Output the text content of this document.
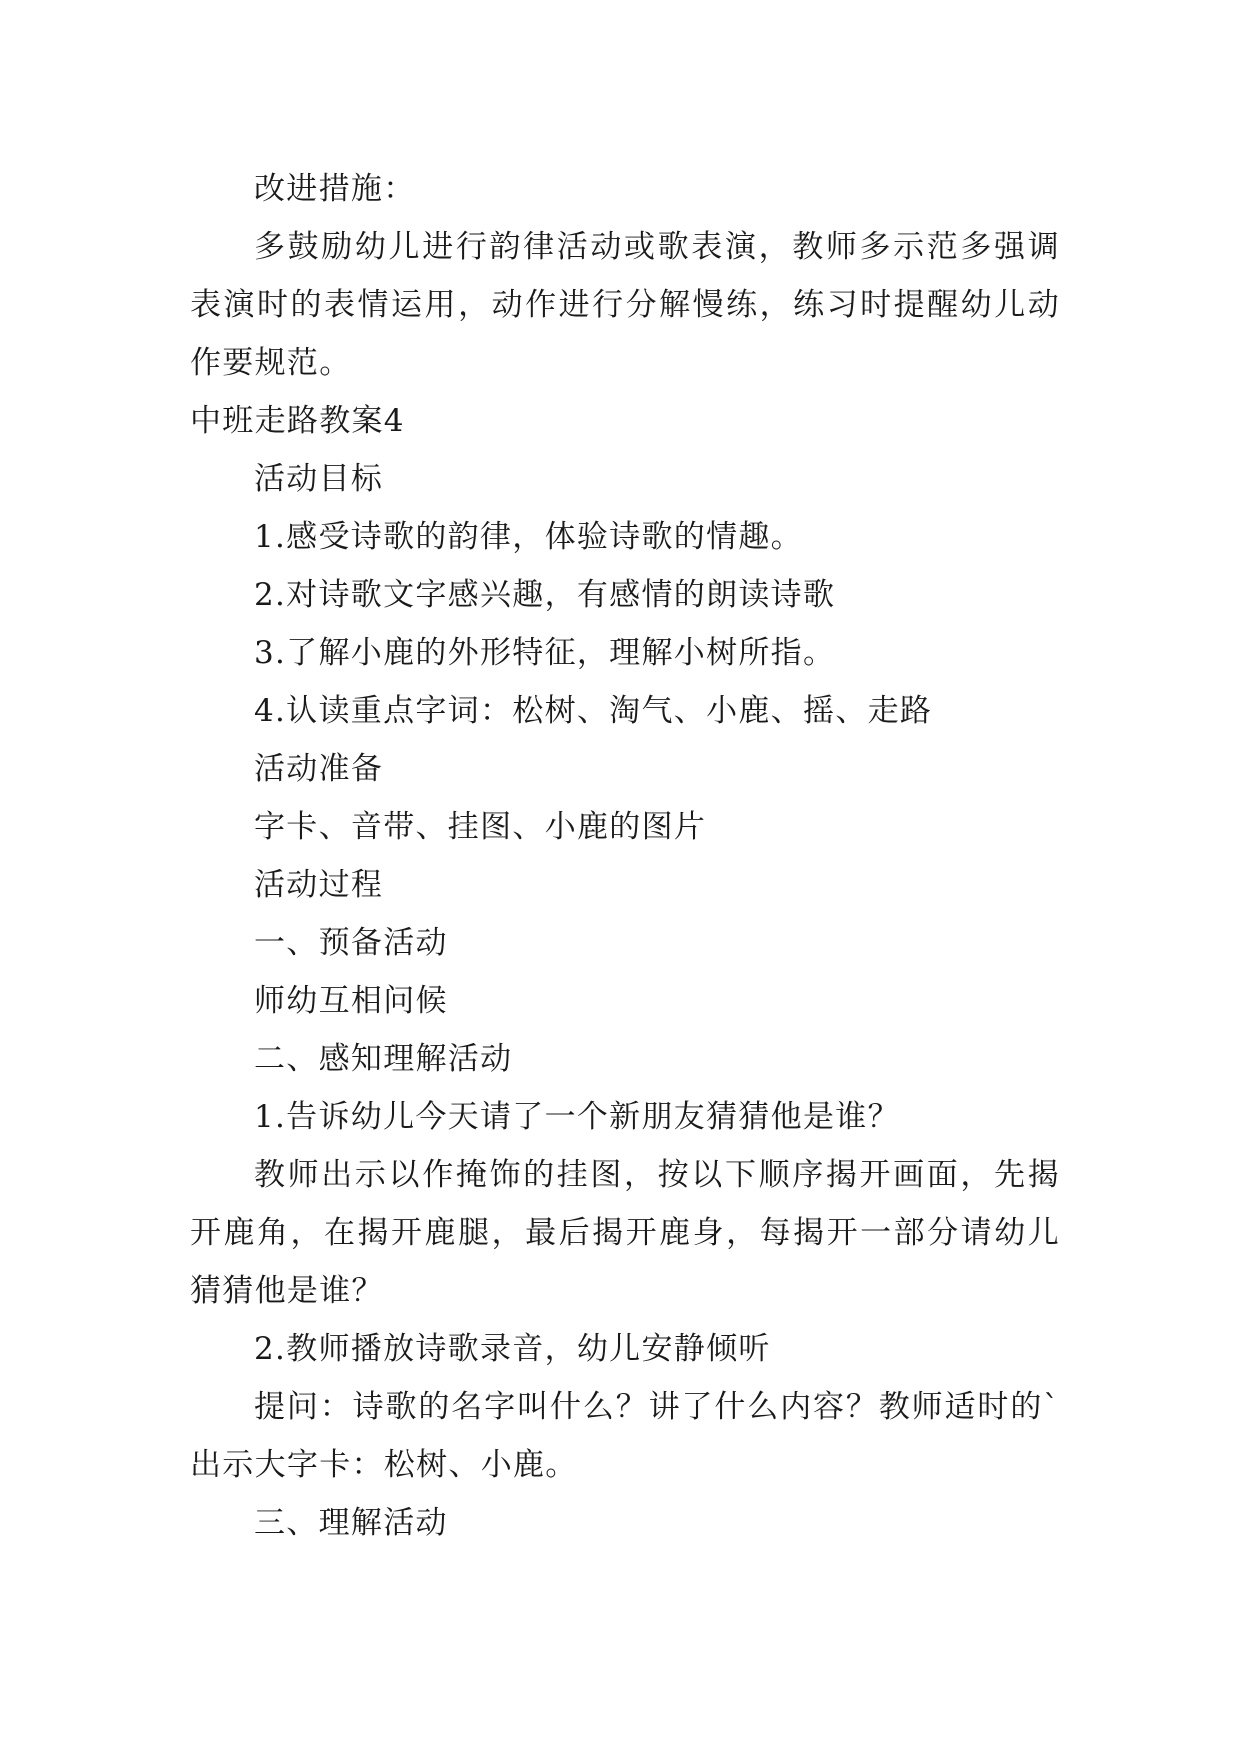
改进措施：

多鼓励幼儿进行韵律活动或歌表演，教师多示范多强调表演时的表情运用，动作进行分解慢练，练习时提醒幼儿动作要规范。

中班走路教案4

活动目标

1.感受诗歌的韵律，体验诗歌的情趣。

2.对诗歌文字感兴趣，有感情的朗读诗歌

3.了解小鹿的外形特征，理解小树所指。

4.认读重点字词：松树、淘气、小鹿、摇、走路

活动准备

字卡、音带、挂图、小鹿的图片

活动过程

一、预备活动

师幼互相问候

二、感知理解活动

1.告诉幼儿今天请了一个新朋友猜猜他是谁？

教师出示以作掩饰的挂图，按以下顺序揭开画面，先揭开鹿角，在揭开鹿腿，最后揭开鹿身，每揭开一部分请幼儿猜猜他是谁？

2.教师播放诗歌录音，幼儿安静倾听

提问：诗歌的名字叫什么？讲了什么内容？教师适时的`出示大字卡：松树、小鹿。

三、理解活动
